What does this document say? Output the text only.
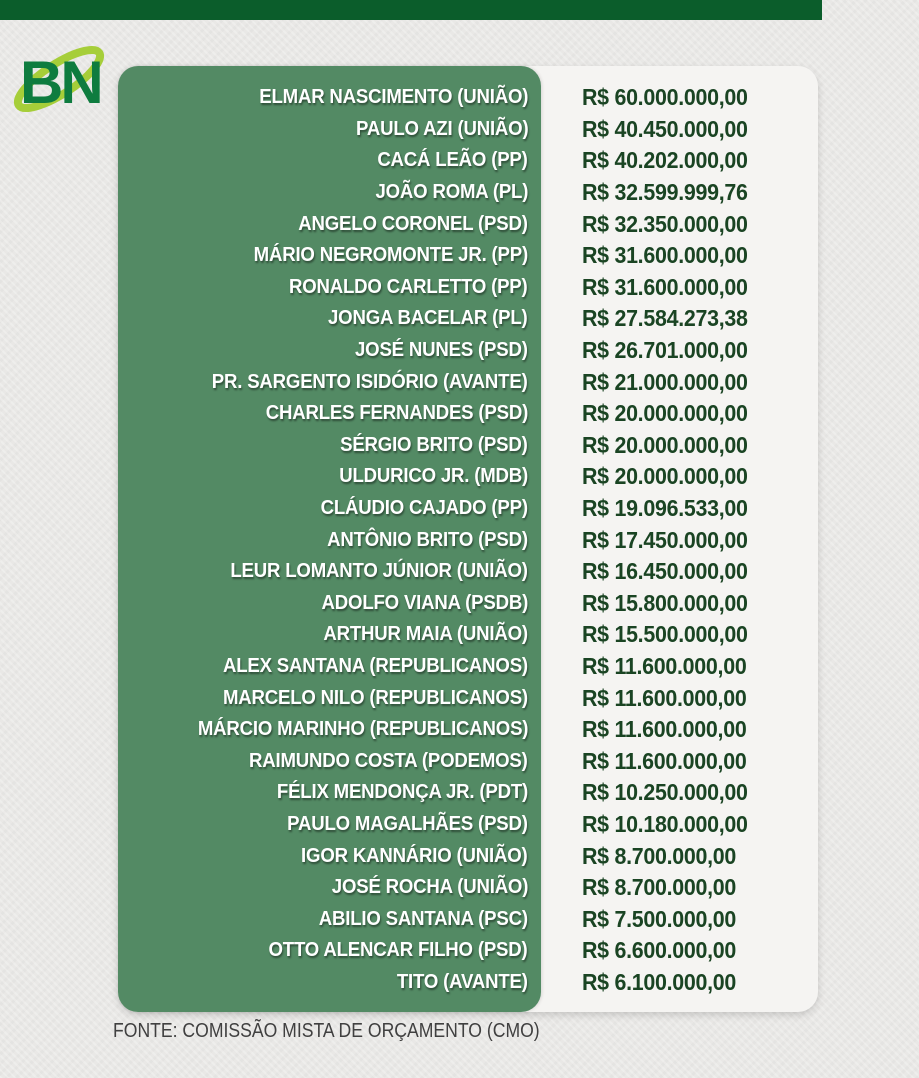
BN	ELMAR NASCIMENTO (UNIÃO)	R$ 60.000.000,00
PAULO AZI (UNIÃO)	R$ 40.450.000,00
CACÁ LEÃO (PP)	R$ 40.202.000,00
JOÃO ROMA (PL)	R$ 32.599.999,76
ANGELO CORONEL (PSD)	R$ 32.350.000,00
MÁRIO NEGROMONTE JR. (PP)	R$ 31.600.000,00
RONALDO CARLETTO (PP)	R$ 31.600.000,00
JONGA BACELAR (PL)	R$ 27.584.273,38
JOSÉ NUNES (PSD)	R$ 26.701.000,00
PR. SARGENTO ISIDÓRIO (AVANTE)	R$ 21.000.000,00
CHARLES FERNANDES (PSD)	R$ 20.000.000,00
SÉRGIO BRITO (PSD)	R$ 20.000.000,00
ULDURICO JR. (MDB)	R$ 20.000.000,00
CLÁUDIO CAJADO (PP)	R$ 19.096.533,00
ANTÔNIO BRITO (PSD)	R$ 17.450.000,00
LEUR LOMANTO JÚNIOR (UNIÃO)	R$ 16.450.000,00
ADOLFO VIANA (PSDB)	R$ 15.800.000,00
ARTHUR MAIA (UNIÃO)	R$ 15.500.000,00
ALEX SANTANA (REPUBLICANOS)	R$ 11.600.000,00
MARCELO NILO (REPUBLICANOS)	R$ 11.600.000,00
MÁRCIO MARINHO (REPUBLICANOS)	R$ 11.600.000,00
RAIMUNDO COSTA (PODEMOS)	R$ 11.600.000,00
FÉLIX MENDONÇA JR. (PDT)	R$ 10.250.000,00
PAULO MAGALHÃES (PSD)	R$ 10.180.000,00
IGOR KANNÁRIO (UNIÃO)	R$ 8.700.000,00
JOSÉ ROCHA (UNIÃO)	R$ 8.700.000,00
ABILIO SANTANA (PSC)	R$ 7.500.000,00
OTTO ALENCAR FILHO (PSD)	R$ 6.600.000,00
TITO (AVANTE)	R$ 6.100.000,00
FONTE: COMISSÃO MISTA DE ORÇAMENTO (CMO)
